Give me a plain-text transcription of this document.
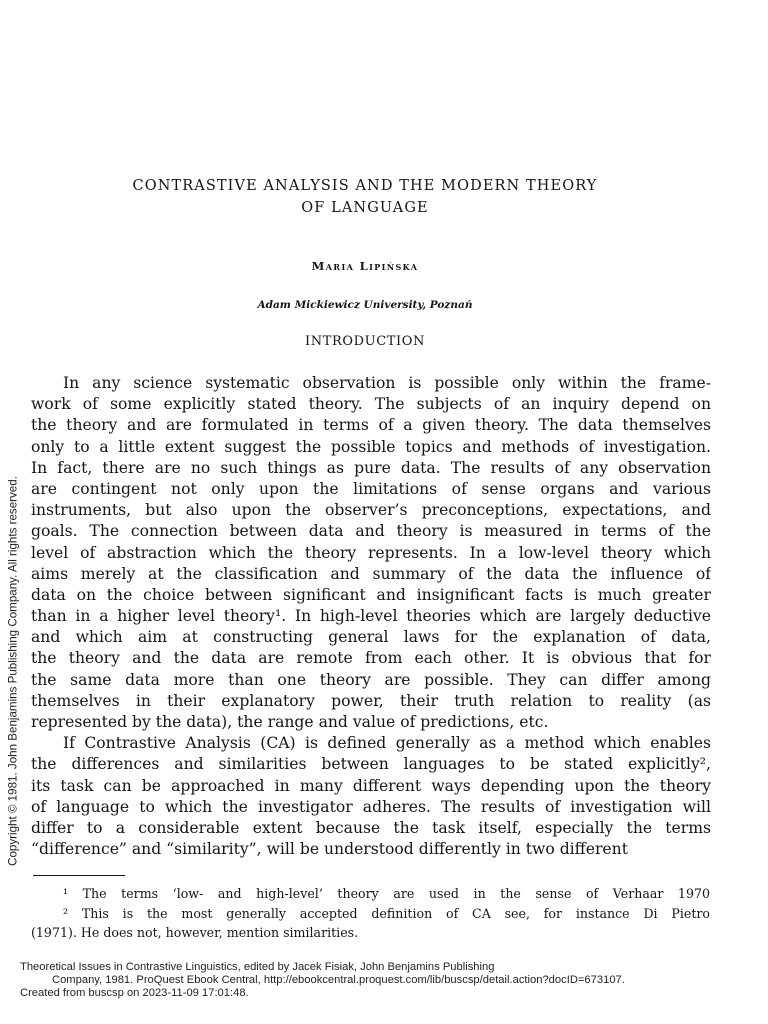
Copyright © 1981. John Benjamins Publishing Company. All rights reserved.
CONTRASTIVE ANALYSIS AND THE MODERN THEORY
OF LANGUAGE
Maria Lipińska
Adam Mickiewicz University, Poznań
INTRODUCTION
In any science systematic observation is possible only within the frame-
work of some explicitly stated theory. The subjects of an inquiry depend on
the theory and are formulated in terms of a given theory. The data themselves
only to a little extent suggest the possible topics and methods of investigation.
In fact, there are no such things as pure data. The results of any observation
are contingent not only upon the limitations of sense organs and various
instruments, but also upon the observer’s preconceptions, expectations, and
goals. The connection between data and theory is measured in terms of the
level of abstraction which the theory represents. In a low-level theory which
aims merely at the classification and summary of the data the influence of
data on the choice between significant and insignificant facts is much greater
than in a higher level theory¹. In high-level theories which are largely deductive
and which aim at constructing general laws for the explanation of data,
the theory and the data are remote from each other. It is obvious that for
the same data more than one theory are possible. They can differ among
themselves in their explanatory power, their truth relation to reality (as
represented by the data), the range and value of predictions, etc.
If Contrastive Analysis (CA) is defined generally as a method which enables
the differences and similarities between languages to be stated explicitly²,
its task can be approached in many different ways depending upon the theory
of language to which the investigator adheres. The results of investigation will
differ to a considerable extent because the task itself, especially the terms
“difference” and “similarity”, will be understood differently in two different
¹ The terms ‘low- and high-level’ theory are used in the sense of Verhaar 1970
² This is the most generally accepted definition of CA see, for instance Di Pietro
(1971). He does not, however, mention similarities.
Theoretical Issues in Contrastive Linguistics, edited by Jacek Fisiak, John Benjamins Publishing
Company, 1981. ProQuest Ebook Central, http://ebookcentral.proquest.com/lib/buscsp/detail.action?docID=673107.
Created from buscsp on 2023-11-09 17:01:48.
